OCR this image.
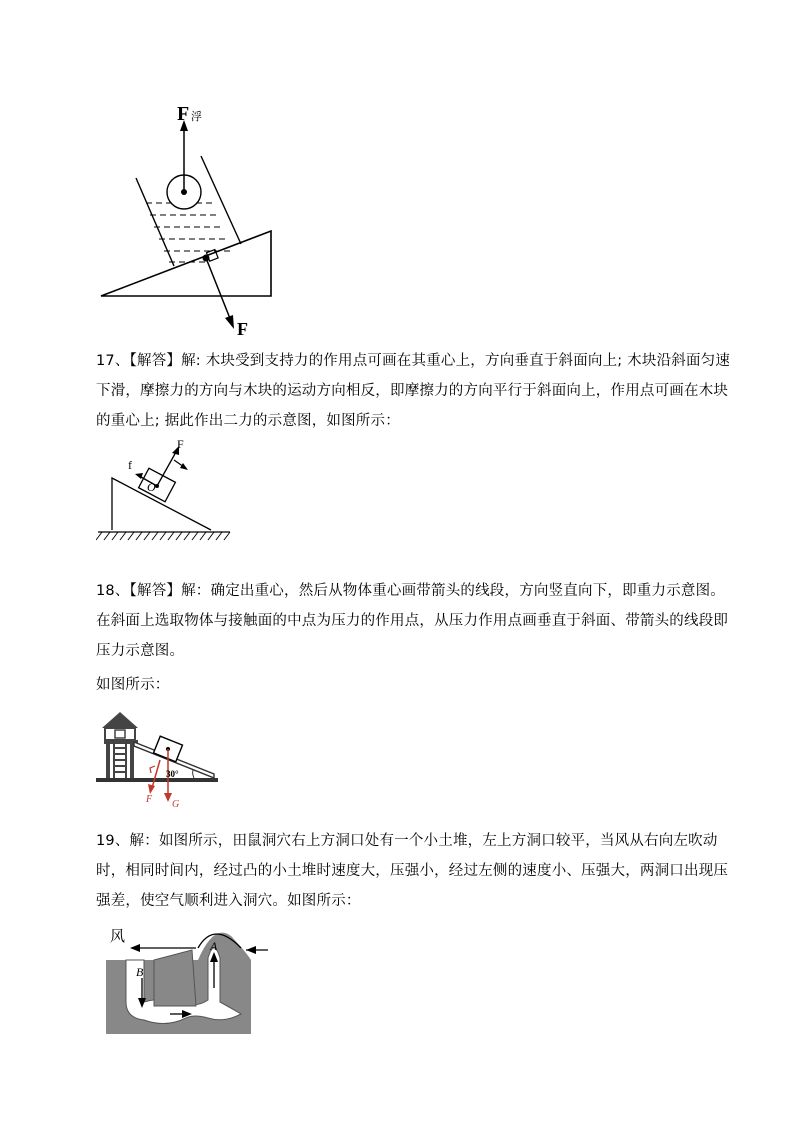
F 浮
F
17、【解答】解: 木块受到支持力的作用点可画在其重心上，方向垂直于斜面向上; 木块沿斜面匀速下滑，摩擦力的方向与木块的运动方向相反，即摩擦力的方向平行于斜面向上，作用点可画在木块的重心上; 据此作出二力的示意图，如图所示：
F
f
O
18、【解答】解：确定出重心，然后从物体重心画带箭头的线段，方向竖直向下，即重力示意图。
在斜面上选取物体与接触面的中点为压力的作用点，从压力作用点画垂直于斜面、带箭头的线段即压力示意图。
如图所示：
30°
F G
19、解：如图所示，田鼠洞穴右上方洞口处有一个小土堆，左上方洞口较平，当风从右向左吹动时，相同时间内，经过凸的小土堆时速度大，压强小，经过左侧的速度小、压强大，两洞口出现压强差，使空气顺利进入洞穴。如图所示：
风
A
B
